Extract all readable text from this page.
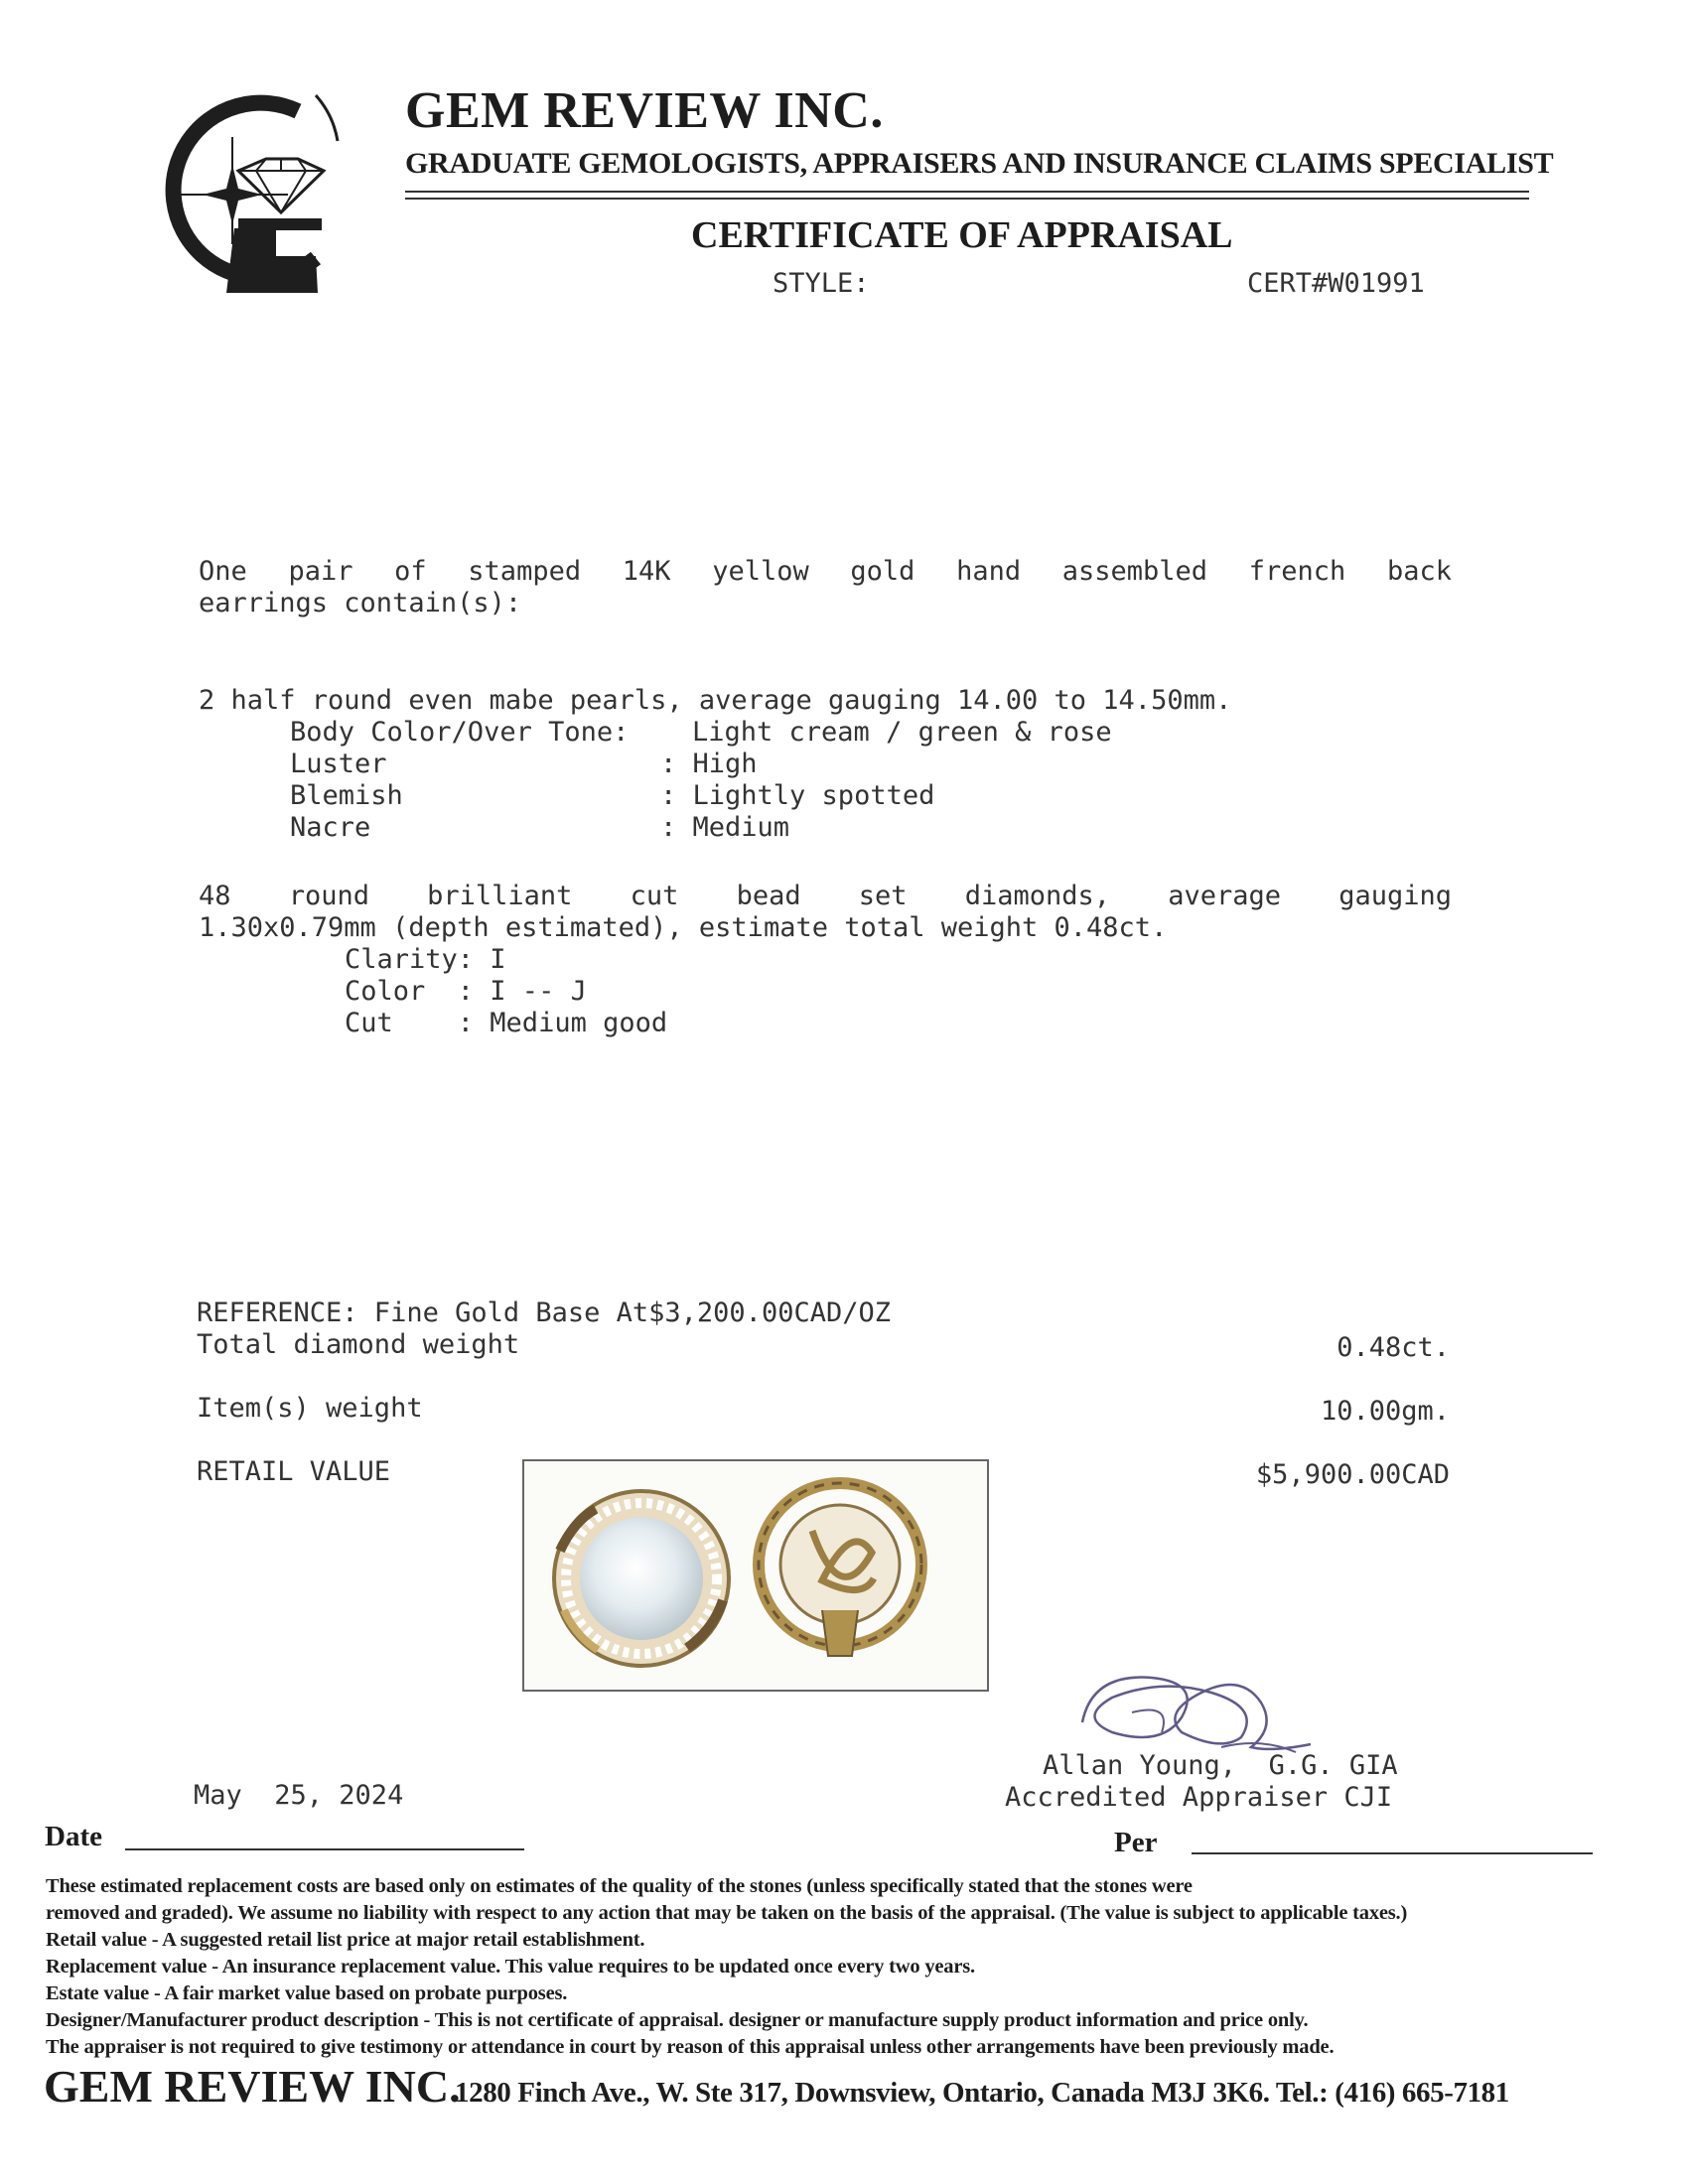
GEM REVIEW INC.
GRADUATE GEMOLOGISTS, APPRAISERS AND INSURANCE CLAIMS SPECIALIST
CERTIFICATE OF APPRAISAL
STYLE:	CERT#W01991
One pair of stamped 14K yellow gold hand assembled french back
earrings contain(s):
2 half round even mabe pearls, average gauging 14.00 to 14.50mm.
Body Color/Over Tone: Light cream / green & rose
Luster	: High
Blemish	: Lightly spotted
Nacre	: Medium
48 round brilliant cut bead set diamonds, average gauging
1.30x0.79mm (depth estimated), estimate total weight 0.48ct.
Clarity: I
Color  : I -- J
Cut    : Medium good
REFERENCE: Fine Gold Base At$3,200.00CAD/OZ
Total diamond weight	0.48ct.
Item(s) weight	10.00gm.
RETAIL VALUE	$5,900.00CAD
Allan Young,  G.G. GIA
Accredited Appraiser CJI
May  25, 2024
Date	Per
These estimated replacement costs are based only on estimates of the quality of the stones (unless specifically stated that the stones were
removed and graded). We assume no liability with respect to any action that may be taken on the basis of the appraisal. (The value is subject to applicable taxes.)
Retail value - A suggested retail list price at major retail establishment.
Replacement value - An insurance replacement value. This value requires to be updated once every two years.
Estate value - A fair market value based on probate purposes.
Designer/Manufacturer product description - This is not certificate of appraisal. designer or manufacture supply product information and price only.
The appraiser is not required to give testimony or attendance in court by reason of this appraisal unless other arrangements have been previously made.
GEM REVIEW INC.
1280 Finch Ave., W. Ste 317, Downsview, Ontario, Canada M3J 3K6. Tel.: (416) 665-7181
